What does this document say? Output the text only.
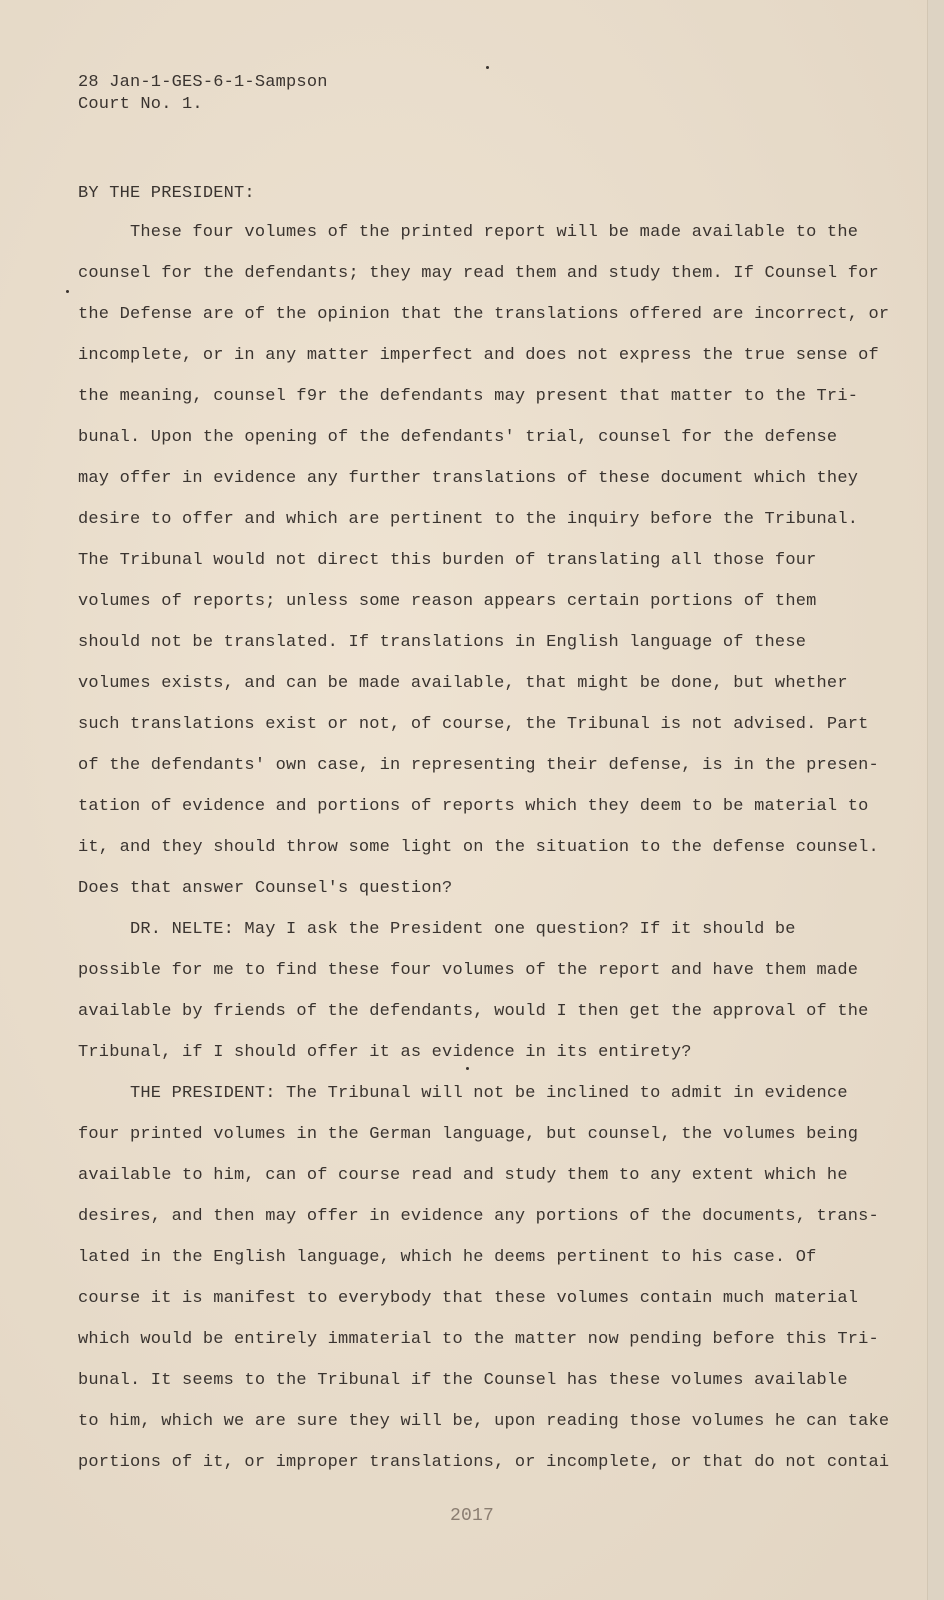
28 Jan-1-GES-6-1-Sampson
Court No. 1.
BY THE PRESIDENT:
These four volumes of the printed report will be made available to the
counsel for the defendants; they may read them and study them. If Counsel for
the Defense are of the opinion that the translations offered are incorrect, or
incomplete, or in any matter imperfect and does not express the true sense of
the meaning, counsel f9r the defendants may present that matter to the Tri-
bunal. Upon the opening of the defendants' trial, counsel for the defense
may offer in evidence any further translations of these document which they
desire to offer and which are pertinent to the inquiry before the Tribunal.
The Tribunal would not direct this burden of translating all those four
volumes of reports; unless some reason appears certain portions of them
should not be translated. If translations in English language of these
volumes exists, and can be made available, that might be done, but whether
such translations exist or not, of course, the Tribunal is not advised. Part
of the defendants' own case, in representing their defense, is in the presen-
tation of evidence and portions of reports which they deem to be material to
it, and they should throw some light on the situation to the defense counsel.
Does that answer Counsel's question?
DR. NELTE: May I ask the President one question? If it should be
possible for me to find these four volumes of the report and have them made
available by friends of the defendants, would I then get the approval of the
Tribunal, if I should offer it as evidence in its entirety?
THE PRESIDENT: The Tribunal will not be inclined to admit in evidence
four printed volumes in the German language, but counsel, the volumes being
available to him, can of course read and study them to any extent which he
desires, and then may offer in evidence any portions of the documents, trans-
lated in the English language, which he deems pertinent to his case. Of
course it is manifest to everybody that these volumes contain much material
which would be entirely immaterial to the matter now pending before this Tri-
bunal. It seems to the Tribunal if the Counsel has these volumes available
to him, which we are sure they will be, upon reading those volumes he can take
portions of it, or improper translations, or incomplete, or that do not contai
2017
